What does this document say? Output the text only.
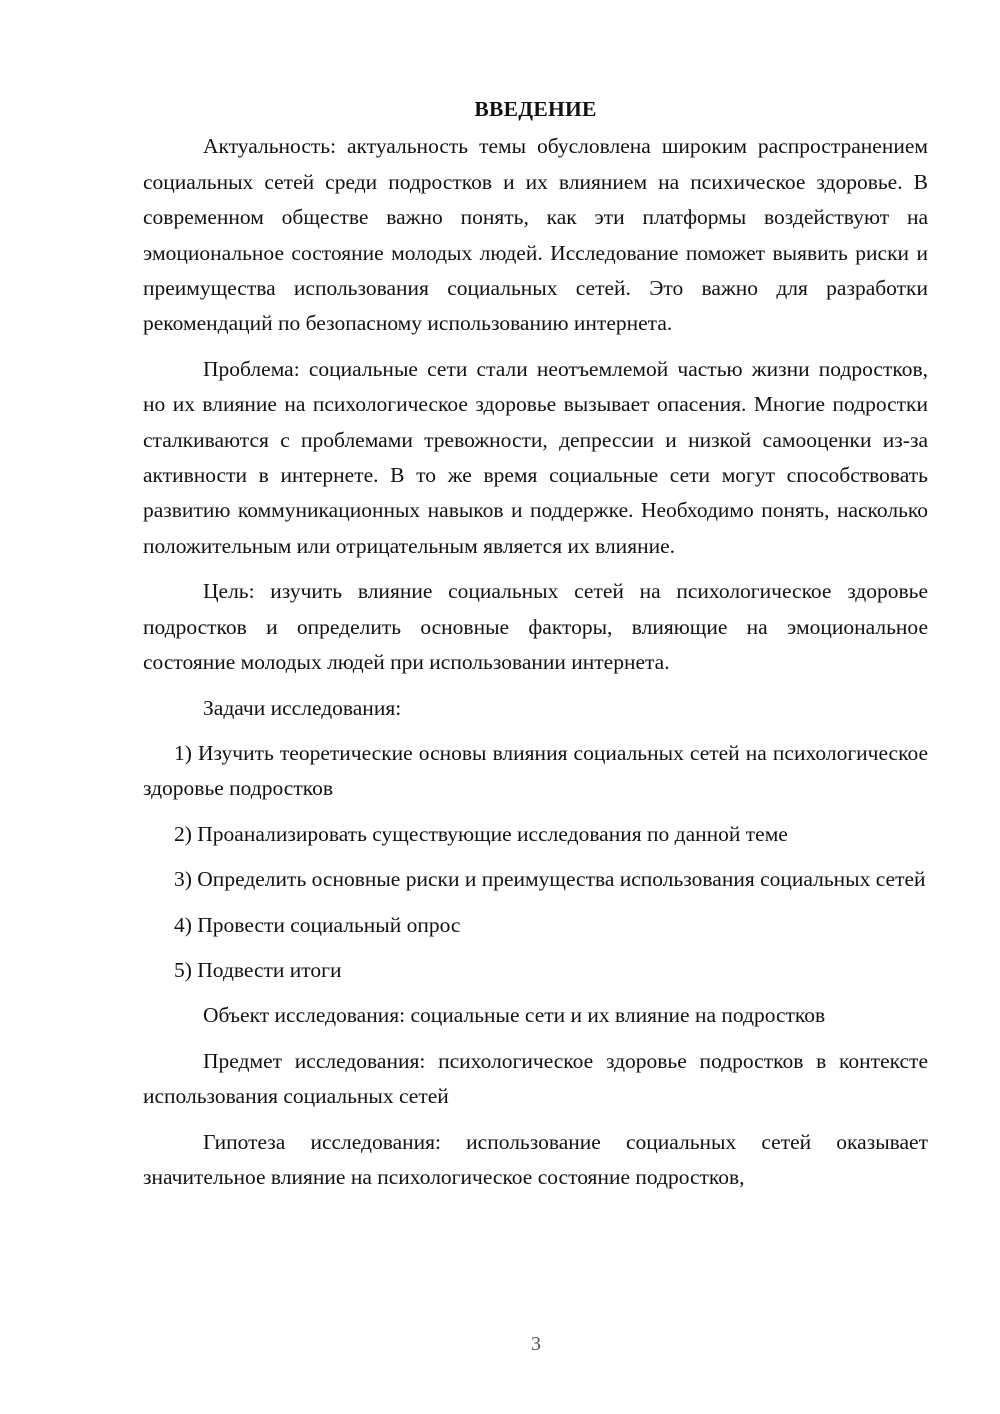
ВВЕДЕНИЕ

Актуальность: актуальность темы обусловлена широким распространением социальных сетей среди подростков и их влиянием на психическое здоровье. В современном обществе важно понять, как эти платформы воздействуют на эмоциональное состояние молодых людей. Исследование поможет выявить риски и преимущества использования социальных сетей. Это важно для разработки рекомендаций по безопасному использованию интернета.

Проблема: социальные сети стали неотъемлемой частью жизни подростков, но их влияние на психологическое здоровье вызывает опасения. Многие подростки сталкиваются с проблемами тревожности, депрессии и низкой самооценки из-за активности в интернете. В то же время социальные сети могут способствовать развитию коммуникационных навыков и поддержке. Необходимо понять, насколько положительным или отрицательным является их влияние.

Цель: изучить влияние социальных сетей на психологическое здоровье подростков и определить основные факторы, влияющие на эмоциональное состояние молодых людей при использовании интернета.

Задачи исследования:

1) Изучить теоретические основы влияния социальных сетей на психологическое здоровье подростков

2) Проанализировать существующие исследования по данной теме

3) Определить основные риски и преимущества использования социальных сетей

4) Провести социальный опрос

5) Подвести итоги

Объект исследования: социальные сети и их влияние на подростков

Предмет исследования: психологическое здоровье подростков в контексте использования социальных сетей

Гипотеза исследования: использование социальных сетей оказывает значительное влияние на психологическое состояние подростков,

3
